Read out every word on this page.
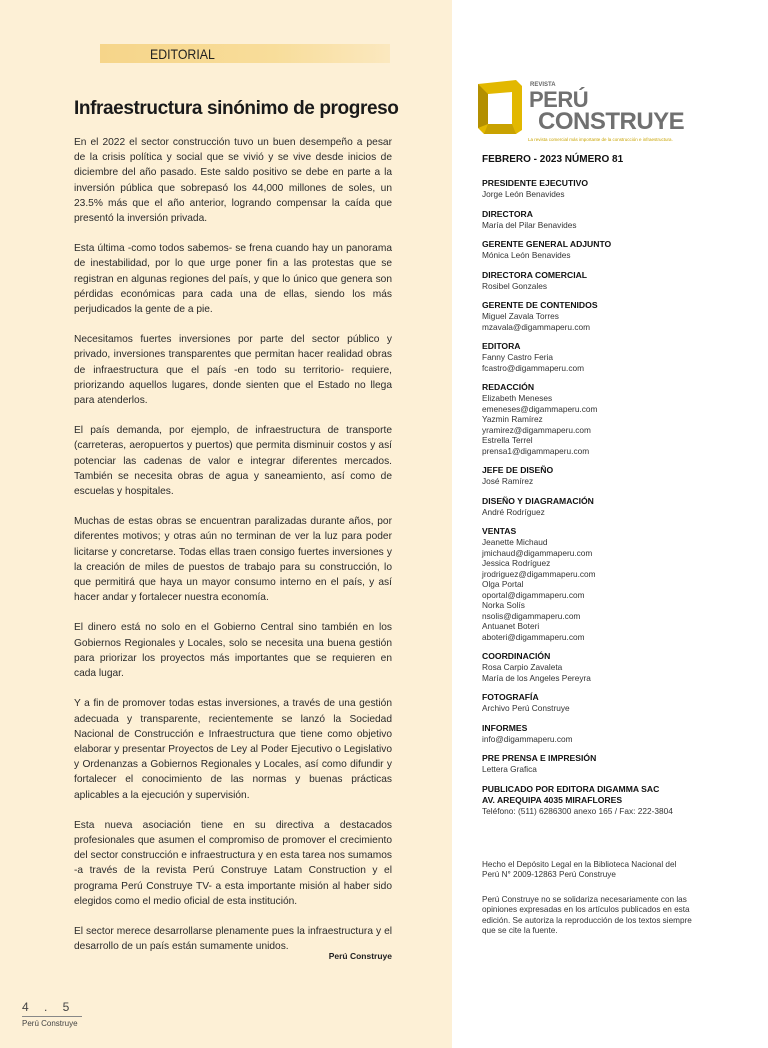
EDITORIAL
Infraestructura sinónimo de progreso

En el 2022 el sector construcción tuvo un buen desempeño a pesar de la crisis política y social que se vivió y se vive desde inicios de diciembre del año pasado. Este saldo positivo se debe en parte a la inversión pública que sobrepasó los 44,000 millones de soles, un 23.5% más que el año anterior, logrando compensar la caída que presentó la inversión privada.

Esta última -como todos sabemos- se frena cuando hay un panorama de inestabilidad, por lo que urge poner fin a las protestas que se registran en algunas regiones del país, y que lo único que genera son pérdidas económicas para cada una de ellas, siendo los más perjudicados la gente de a pie.

Necesitamos fuertes inversiones por parte del sector público y privado, inversiones transparentes que permitan hacer realidad obras de infraestructura que el país -en todo su territorio- requiere, priorizando aquellos lugares, donde sienten que el Estado no llega para atenderlos.

El país demanda, por ejemplo, de infraestructura de transporte (carreteras, aeropuertos y puertos) que permita disminuir costos y así potenciar las cadenas de valor e integrar diferentes mercados. También se necesita obras de agua y saneamiento, así como de escuelas y hospitales.

Muchas de estas obras se encuentran paralizadas durante años, por diferentes motivos; y otras aún no terminan de ver la luz para poder licitarse y concretarse. Todas ellas traen consigo fuertes inversiones y la creación de miles de puestos de trabajo para su construcción, lo que permitirá que haya un mayor consumo interno en el país, y así hacer andar y fortalecer nuestra economía.

El dinero está no solo en el Gobierno Central sino también en los Gobiernos Regionales y Locales, solo se necesita una buena gestión para priorizar los proyectos más importantes que se requieren en cada lugar.

Y a fin de promover todas estas inversiones, a través de una gestión adecuada y transparente, recientemente se lanzó la Sociedad Nacional de Construcción e Infraestructura que tiene como objetivo elaborar y presentar Proyectos de Ley al Poder Ejecutivo o Legislativo y Ordenanzas a Gobiernos Regionales y Locales, así como difundir y fortalecer el conocimiento de las normas y buenas prácticas aplicables a la ejecución y supervisión.

Esta nueva asociación tiene en su directiva a destacados profesionales que asumen el compromiso de promover el crecimiento del sector construcción e infraestructura y en esta tarea nos sumamos -a través de la revista Perú Construye Latam Construction y el programa Perú Construye TV- a esta importante misión al haber sido elegidos como el medio oficial de esta institución.

El sector merece desarrollarse plenamente pues la infraestructura y el desarrollo de un país están sumamente unidos.

Perú Construye
4 . 5
Perú Construye
REVISTA
PERÚ
CONSTRUYE
La revista comercial más importante de la construcción e infraestructura.
FEBRERO - 2023 NÚMERO 81
PRESIDENTE EJECUTIVO
Jorge León Benavides
DIRECTORA
María del Pilar Benavides
GERENTE GENERAL ADJUNTO
Mónica León Benavides
DIRECTORA COMERCIAL
Rosibel Gonzales
GERENTE DE CONTENIDOS
Miguel Zavala Torres
mzavala@digammaperu.com
EDITORA
Fanny Castro Feria
fcastro@digammaperu.com
REDACCIÓN
Elizabeth Meneses
emeneses@digammaperu.com
Yazmin Ramírez
yramirez@digammaperu.com
Estrella Terrel
prensa1@digammaperu.com
JEFE DE DISEÑO
José Ramírez
DISEÑO Y DIAGRAMACIÓN
André Rodríguez
VENTAS
Jeanette Michaud
jmichaud@digammaperu.com
Jessica Rodríguez
jrodriguez@digammaperu.com
Olga Portal
oportal@digammaperu.com
Norka Solís
nsolis@digammaperu.com
Antuanet Boteri
aboteri@digammaperu.com
COORDINACIÓN
Rosa Carpio Zavaleta
María de los Angeles Pereyra
FOTOGRAFÍA
Archivo Perú Construye
INFORMES
info@digammaperu.com
PRE PRENSA E IMPRESIÓN
Lettera Grafica
PUBLICADO POR EDITORA DIGAMMA SAC
AV. AREQUIPA 4035 MIRAFLORES
Teléfono: (511) 6286300 anexo 165 / Fax: 222-3804
Hecho el Depósito Legal en la Biblioteca Nacional del Perú N° 2009-12863 Perú Construye
Perú Construye no se solidariza necesariamente con las opiniones expresadas en los artículos publicados en esta edición. Se autoriza la reproducción de los textos siempre que se cite la fuente.
